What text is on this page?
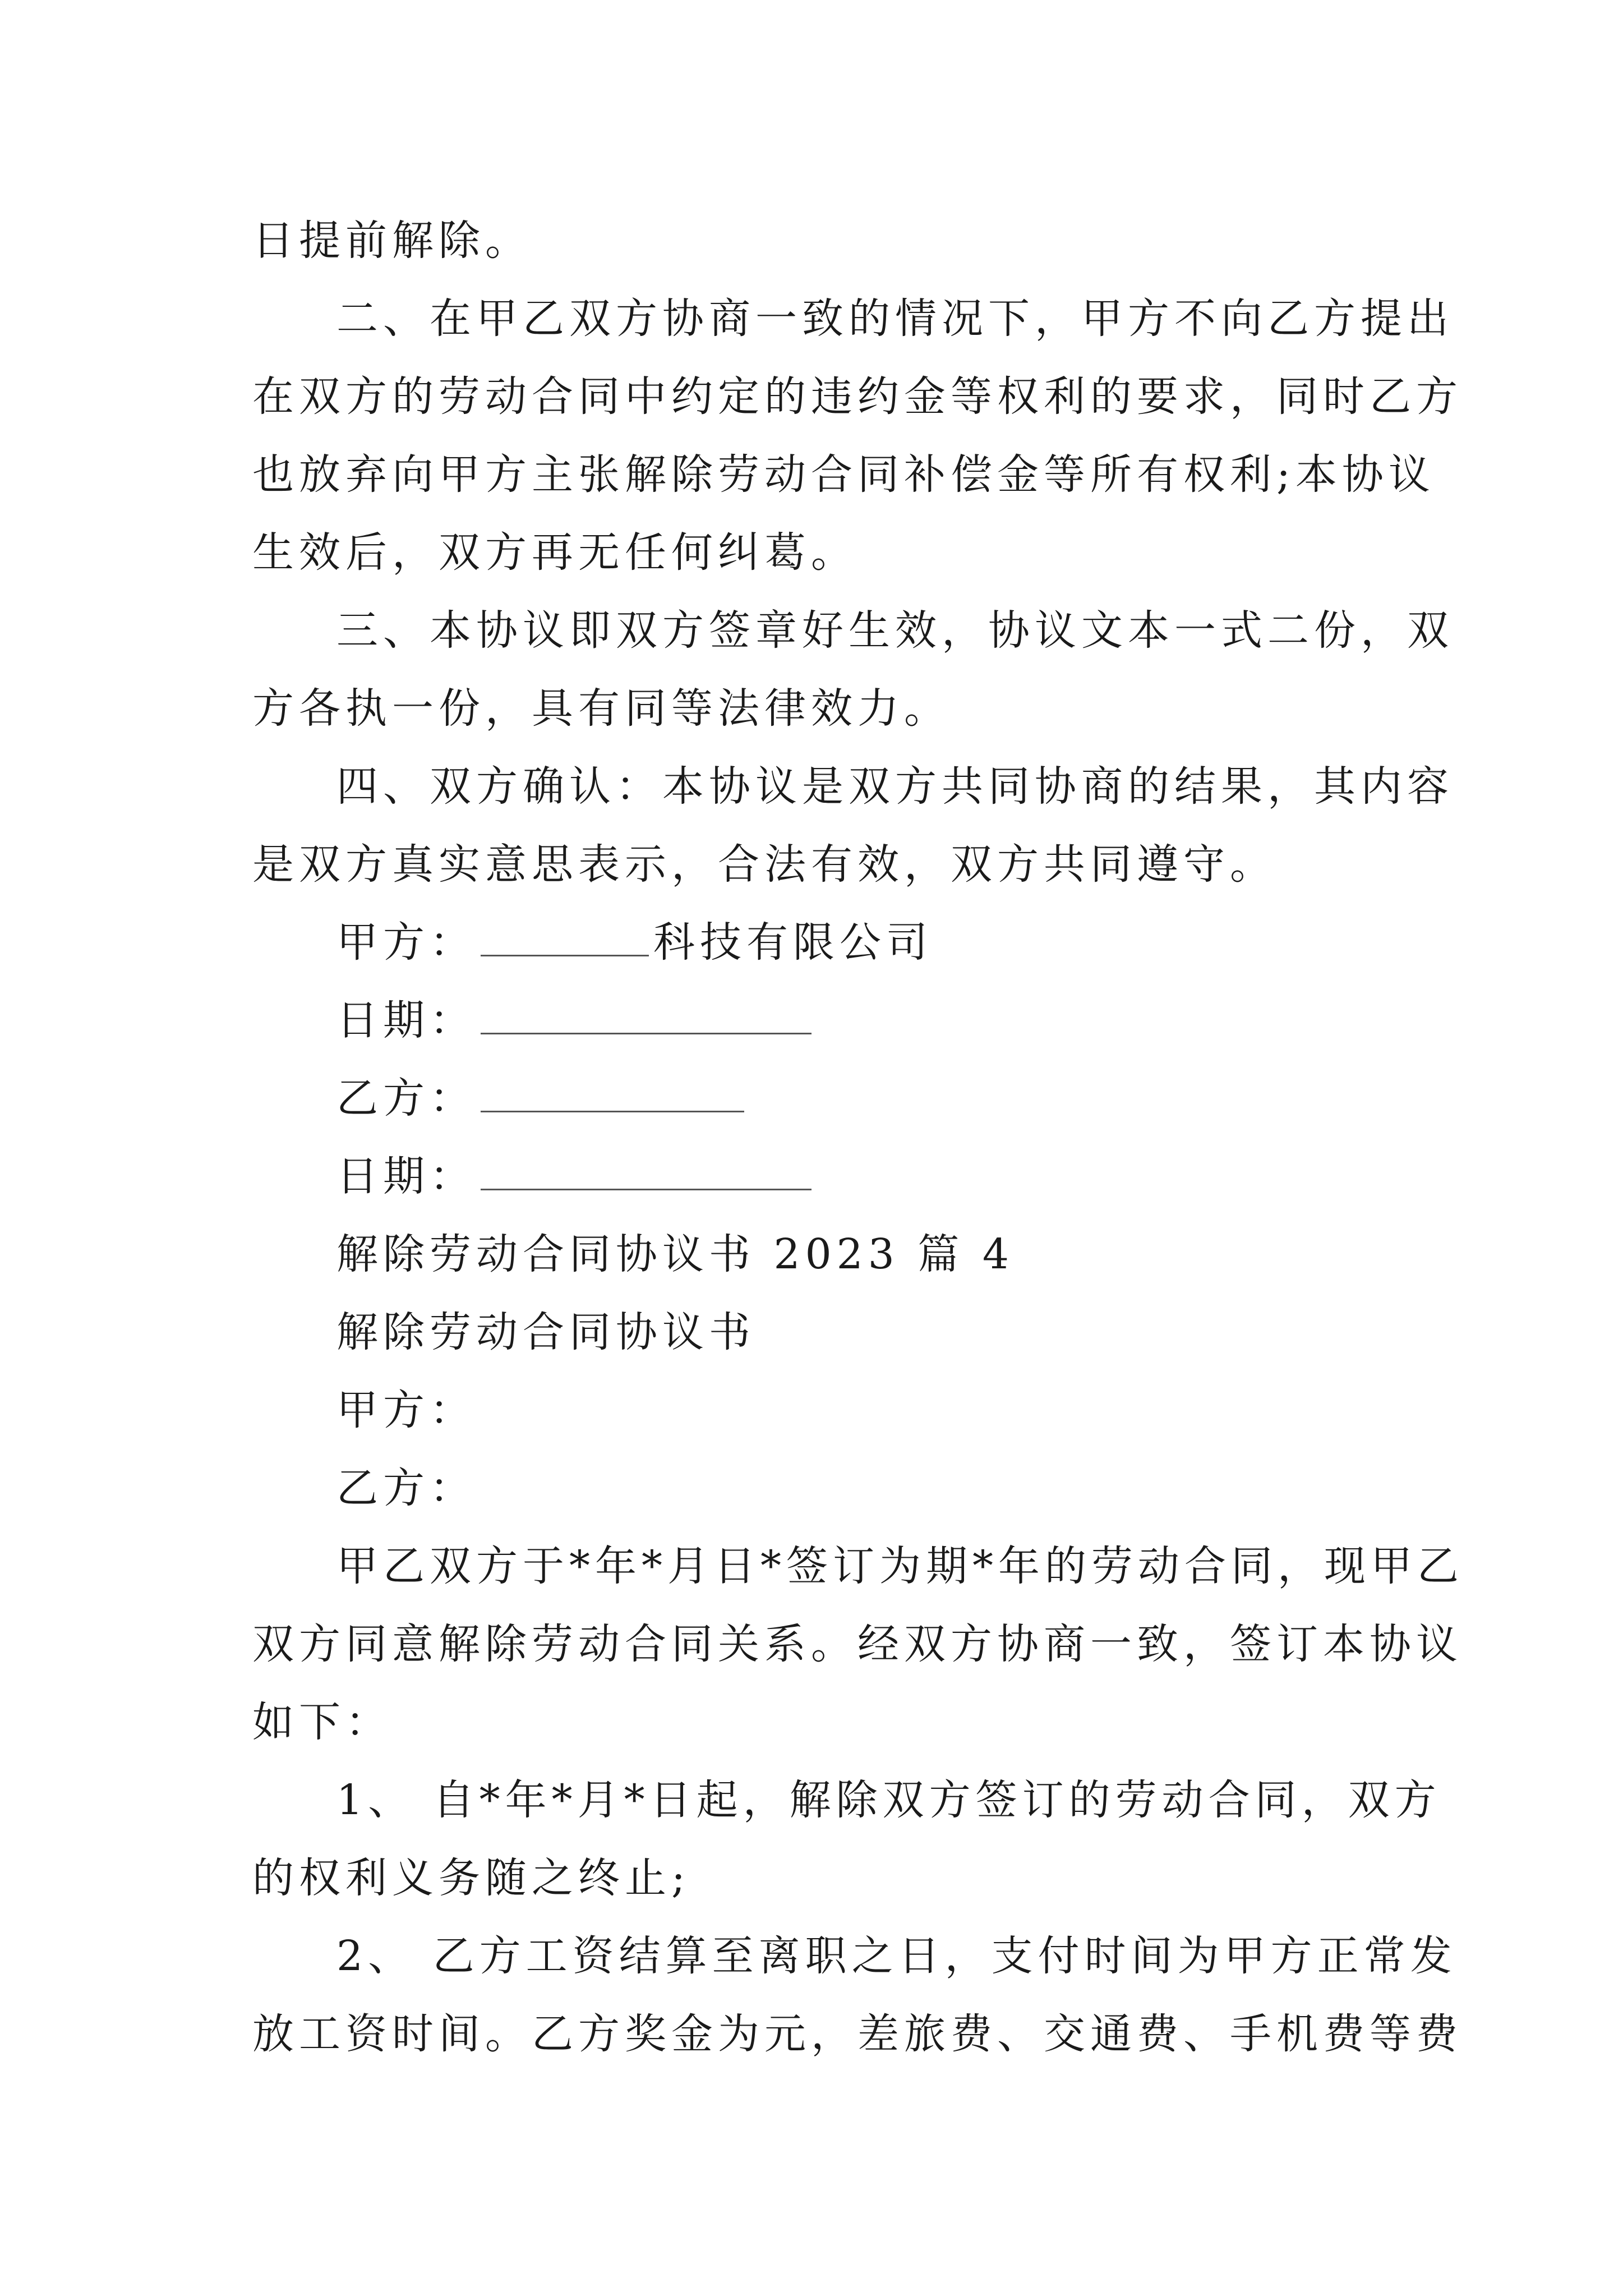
日提前解除。
二、在甲乙双方协商一致的情况下，甲方不向乙方提出
在双方的劳动合同中约定的违约金等权利的要求，同时乙方
也放弃向甲方主张解除劳动合同补偿金等所有权利;本协议
生效后，双方再无任何纠葛。
三、本协议即双方签章好生效，协议文本一式二份，双
方各执一份，具有同等法律效力。
四、双方确认：本协议是双方共同协商的结果，其内容
是双方真实意思表示，合法有效，双方共同遵守。
甲方：	科技有限公司
日期：
乙方：
日期：
解除劳动合同协议书 2023 篇 4
解除劳动合同协议书
甲方：
乙方：
甲乙双方于*年*月日*签订为期*年的劳动合同，现甲乙
双方同意解除劳动合同关系。经双方协商一致，签订本协议
如下：
1、 自*年*月*日起，解除双方签订的劳动合同，双方
的权利义务随之终止;
2、 乙方工资结算至离职之日，支付时间为甲方正常发
放工资时间。乙方奖金为元，差旅费、交通费、手机费等费
